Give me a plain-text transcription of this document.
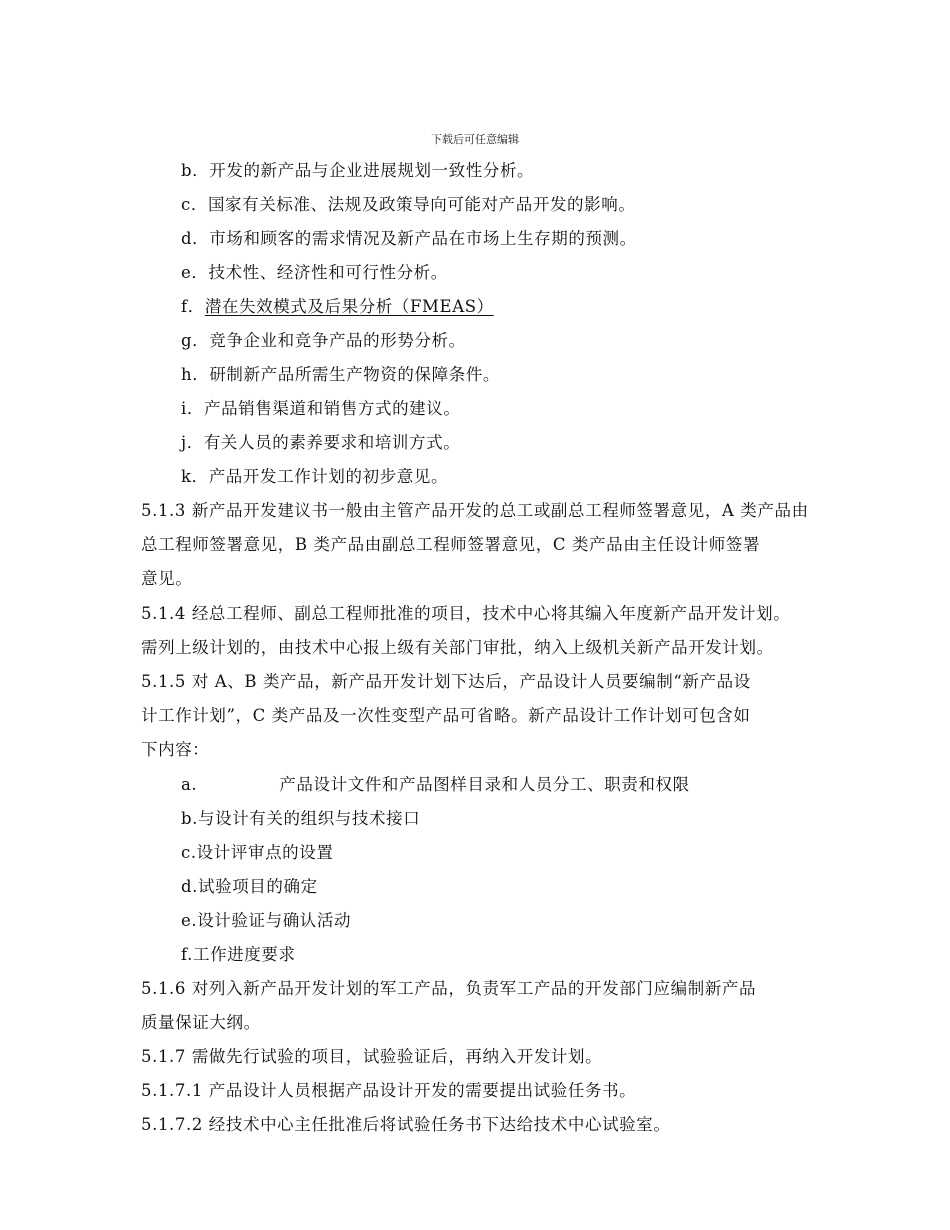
下载后可任意编辑
b．开发的新产品与企业进展规划一致性分析。
c．国家有关标准、法规及政策导向可能对产品开发的影响。
d．市场和顾客的需求情况及新产品在市场上生存期的预测。
e．技术性、经济性和可行性分析。
f．潜在失效模式及后果分析（FMEAS）
g．竞争企业和竞争产品的形势分析。
h．研制新产品所需生产物资的保障条件。
i．产品销售渠道和销售方式的建议。
j．有关人员的素养要求和培训方式。
k．产品开发工作计划的初步意见。
5.1.3 新产品开发建议书一般由主管产品开发的总工或副总工程师签署意见，A 类产品由
总工程师签署意见，B 类产品由副总工程师签署意见，C 类产品由主任设计师签署
意见。
5.1.4 经总工程师、副总工程师批准的项目，技术中心将其编入年度新产品开发计划。
需列上级计划的，由技术中心报上级有关部门审批，纳入上级机关新产品开发计划。
5.1.5 对 A、B 类产品，新产品开发计划下达后，产品设计人员要编制“新产品设
计工作计划”，C 类产品及一次性变型产品可省略。新产品设计工作计划可包含如
下内容：
a.	产品设计文件和产品图样目录和人员分工、职责和权限
b.与设计有关的组织与技术接口
c.设计评审点的设置
d.试验项目的确定
e.设计验证与确认活动
f.工作进度要求
5.1.6 对列入新产品开发计划的军工产品，负责军工产品的开发部门应编制新产品
质量保证大纲。
5.1.7 需做先行试验的项目，试验验证后，再纳入开发计划。
5.1.7.1 产品设计人员根据产品设计开发的需要提出试验任务书。
5.1.7.2 经技术中心主任批准后将试验任务书下达给技术中心试验室。
